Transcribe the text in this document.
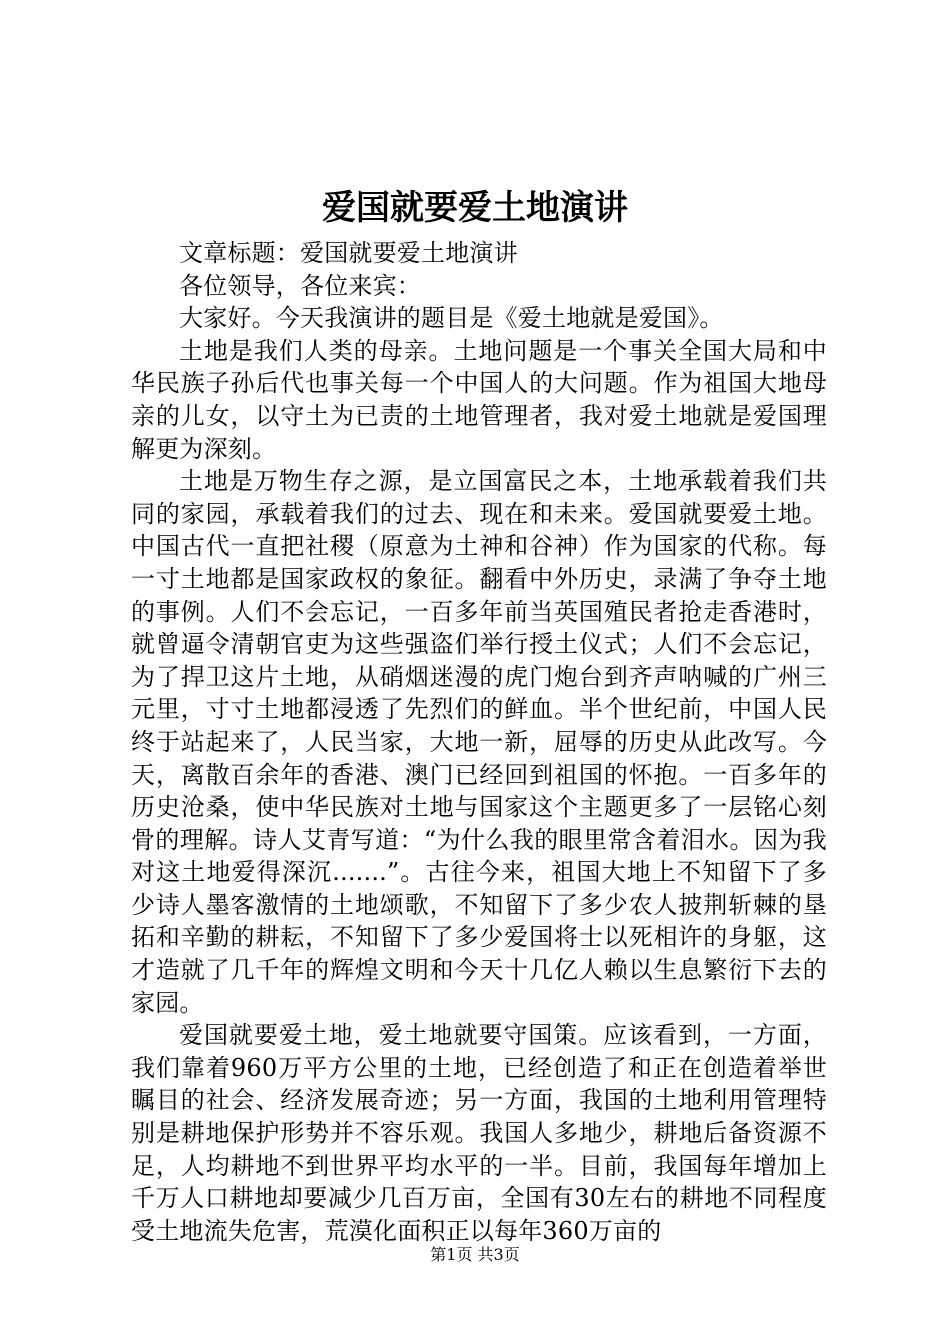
爱国就要爱土地演讲

文章标题：爱国就要爱土地演讲

各位领导，各位来宾：

大家好。今天我演讲的题目是《爱土地就是爱国》。

土地是我们人类的母亲。土地问题是一个事关全国大局和中华民族子孙后代也事关每一个中国人的大问题。作为祖国大地母亲的儿女，以守土为已责的土地管理者，我对爱土地就是爱国理解更为深刻。

土地是万物生存之源，是立国富民之本，土地承载着我们共同的家园，承载着我们的过去、现在和未来。爱国就要爱土地。中国古代一直把社稷（原意为土神和谷神）作为国家的代称。每一寸土地都是国家政权的象征。翻看中外历史，录满了争夺土地的事例。人们不会忘记，一百多年前当英国殖民者抢走香港时，就曾逼令清朝官吏为这些强盗们举行授土仪式；人们不会忘记，为了捍卫这片土地，从硝烟迷漫的虎门炮台到齐声呐喊的广州三元里，寸寸土地都浸透了先烈们的鲜血。半个世纪前，中国人民终于站起来了，人民当家，大地一新，屈辱的历史从此改写。今天，离散百余年的香港、澳门已经回到祖国的怀抱。一百多年的历史沧桑，使中华民族对土地与国家这个主题更多了一层铭心刻骨的理解。诗人艾青写道：“为什么我的眼里常含着泪水。因为我对这土地爱得深沉.......”。古往今来，祖国大地上不知留下了多少诗人墨客激情的土地颂歌，不知留下了多少农人披荆斩棘的垦拓和辛勤的耕耘，不知留下了多少爱国将士以死相许的身躯，这才造就了几千年的辉煌文明和今天十几亿人赖以生息繁衍下去的家园。

爱国就要爱土地，爱土地就要守国策。应该看到，一方面，我们靠着960万平方公里的土地，已经创造了和正在创造着举世瞩目的社会、经济发展奇迹；另一方面，我国的土地利用管理特别是耕地保护形势并不容乐观。我国人多地少，耕地后备资源不足，人均耕地不到世界平均水平的一半。目前，我国每年增加上千万人口耕地却要减少几百万亩，全国有30左右的耕地不同程度受土地流失危害，荒漠化面积正以每年360万亩的

第1页 共3页
